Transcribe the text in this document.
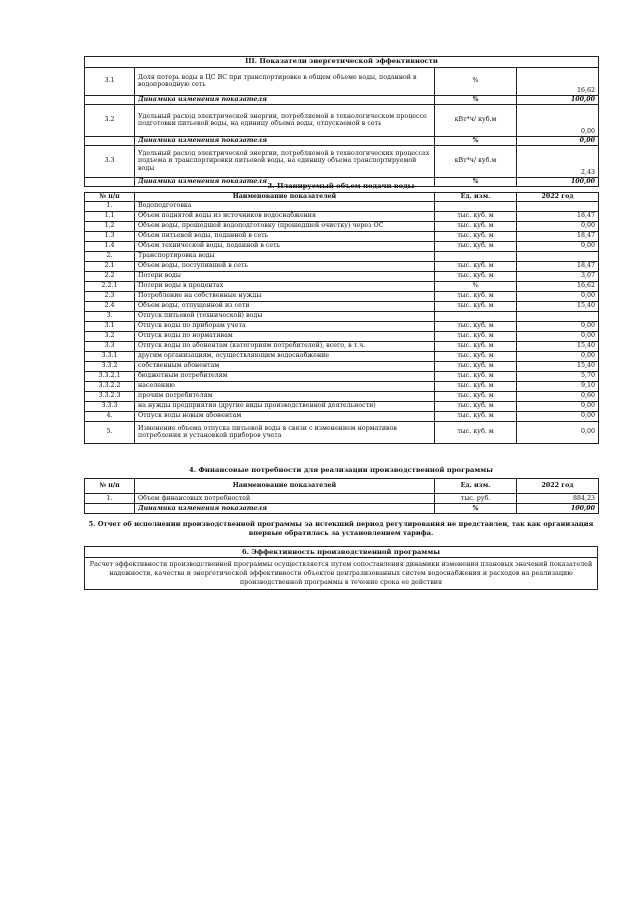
III. Показатели энергетической эффективности			
3.1	Доля потерь воды в ЦС ВС при транспортировке в общем объеме воды, поданной в водопроводную сеть	%	16,62
	Динамика изменения показателя	%	100,00
3.2	Удельный расход электрической энергии, потребляемой в технологическом процессе подготовки питьевой воды, на единицу объема воды, отпускаемой в сеть	кВт*ч/ куб.м	0,00
	Динамика изменения показателя	%	0,00
3.3	Удельный расход электрической энергии, потребляемой в технологических процессах подъема и транспортировки питьевой воды, на единицу объема транспортируемой воды	кВт*ч/ куб.м	2,43
	Динамика изменения показателя	%	100,00
3. Планируемый объем подачи воды
№ п/п	Наименование показателей	Ед. изм.	2022 год
1.	Водоподготовка		
1.1	Объем поднятой воды из источников водоснабжения	тыс. куб. м	18,47
1.2	Объем воды, прошедшей водоподготовку (прошедшей очистку) через ОС	тыс. куб. м	0,00
1.3	Объем питьевой воды, поданной в сеть	тыс. куб. м	18,47
1.4	Объем технической воды, поданной в сеть	тыс. куб. м	0,00
2.	Транспортировка воды		
2.1	Объем воды, поступившей в сеть	тыс. куб. м	18,47
2.2	Потери воды	тыс. куб. м	3,07
2.2.1	Потери воды в процентах	%	16,62
2.3	Потребление на собственные нужды	тыс. куб. м	0,00
2.4	Объем воды, отпущенной из сети	тыс. куб. м	15,40
3.	Отпуск питьевой (технической) воды		
3.1	Отпуск воды по приборам учета	тыс. куб. м	0,00
3.2	Отпуск воды по нормативам	тыс. куб. м	0,00
3.3	Отпуск воды по абонентам (категориям потребителей), всего, в т.ч.	тыс. куб. м	15,40
3.3.1	другим организациям, осуществляющим водоснабжение	тыс. куб. м	0,00
3.3.2	собственным абонентам	тыс. куб. м	15,40
3.3.2.1	бюджетным потребителям	тыс. куб. м	5,70
3.3.2.2	населению	тыс. куб. м	9,10
3.3.2.3	прочим потребителям	тыс. куб. м	0,60
3.3.3	на нужды предприятия (другие виды производственной деятельности)	тыс. куб. м	0,00
4.	Отпуск воды новым абонентам	тыс. куб. м	0,00
5.	Изменение объема отпуска питьевой воды в связи с изменением нормативов потребления и установкой приборов учета	тыс. куб. м	0,00
4. Финансовые потребности для реализации производственной программы
№ п/п	Наименование показателей	Ед. изм.	2022 год
1.	Объем финансовых потребностей	тыс. руб.	884,23
	Динамика изменения показателя	%	100,00
5. Отчет об исполнении производственной программы за истекший период регулирования не представлен, так как организация впервые обратилась за установлением тарифа.
6. Эффективность производственной программы
Расчет эффективности производственной программы осуществляется путем сопоставления динамики изменения плановых значений показателей надежности, качества и энергетической эффективности объектов централизованных систем водоснабжения и расходов на реализацию производственной программы в течение срока ее действия
